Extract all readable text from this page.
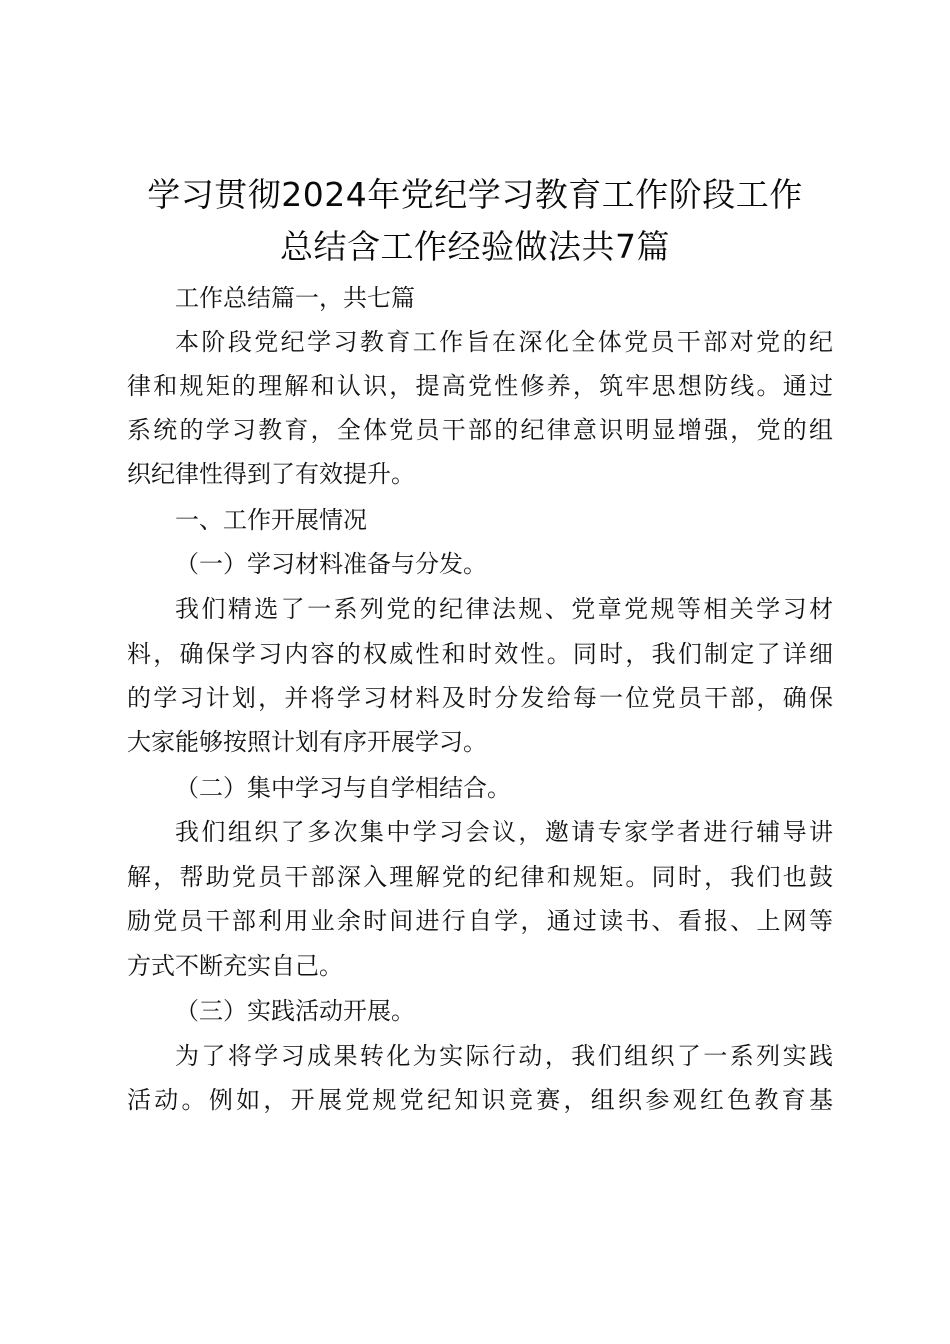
学习贯彻2024年党纪学习教育工作阶段工作
总结含工作经验做法共7篇
工作总结篇一，共七篇
本阶段党纪学习教育工作旨在深化全体党员干部对党的纪
律和规矩的理解和认识，提高党性修养，筑牢思想防线。通过
系统的学习教育，全体党员干部的纪律意识明显增强，党的组
织纪律性得到了有效提升。
一、工作开展情况
（一）学习材料准备与分发。
我们精选了一系列党的纪律法规、党章党规等相关学习材
料，确保学习内容的权威性和时效性。同时，我们制定了详细
的学习计划，并将学习材料及时分发给每一位党员干部，确保
大家能够按照计划有序开展学习。
（二）集中学习与自学相结合。
我们组织了多次集中学习会议，邀请专家学者进行辅导讲
解，帮助党员干部深入理解党的纪律和规矩。同时，我们也鼓
励党员干部利用业余时间进行自学，通过读书、看报、上网等
方式不断充实自己。
（三）实践活动开展。
为了将学习成果转化为实际行动，我们组织了一系列实践
活动。例如，开展党规党纪知识竞赛，组织参观红色教育基
